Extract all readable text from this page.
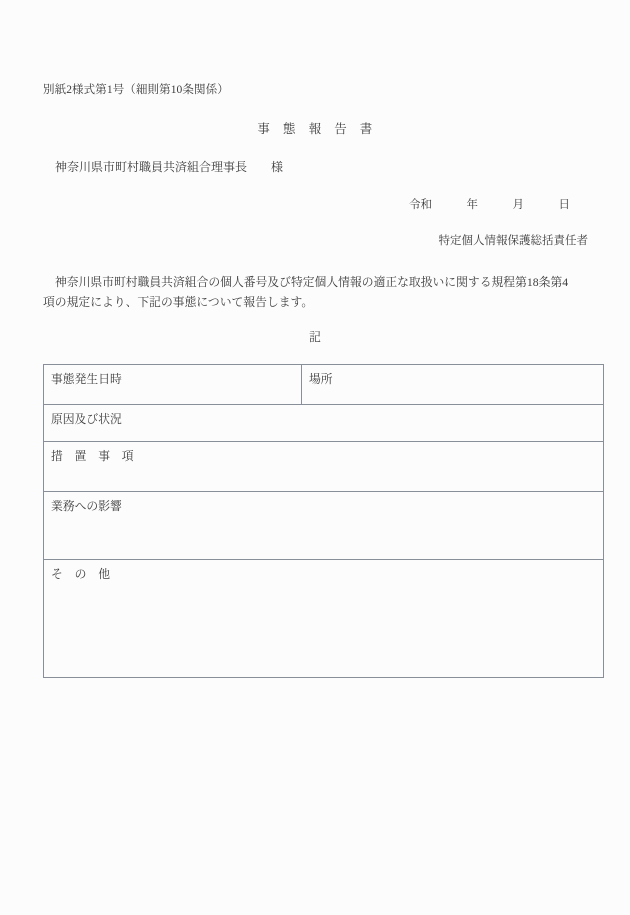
別紙2様式第1号（細則第10条関係）
事　態　報　告　書
神奈川県市町村職員共済組合理事長　　様
令和　　　年　　　月　　　日
特定個人情報保護総括責任者
神奈川県市町村職員共済組合の個人番号及び特定個人情報の適正な取扱いに関する規程第18条第4
項の規定により、下記の事態について報告します。
記
事態発生日時	場所
原因及び状況
措　置　事　項
業務への影響
そ　の　他
